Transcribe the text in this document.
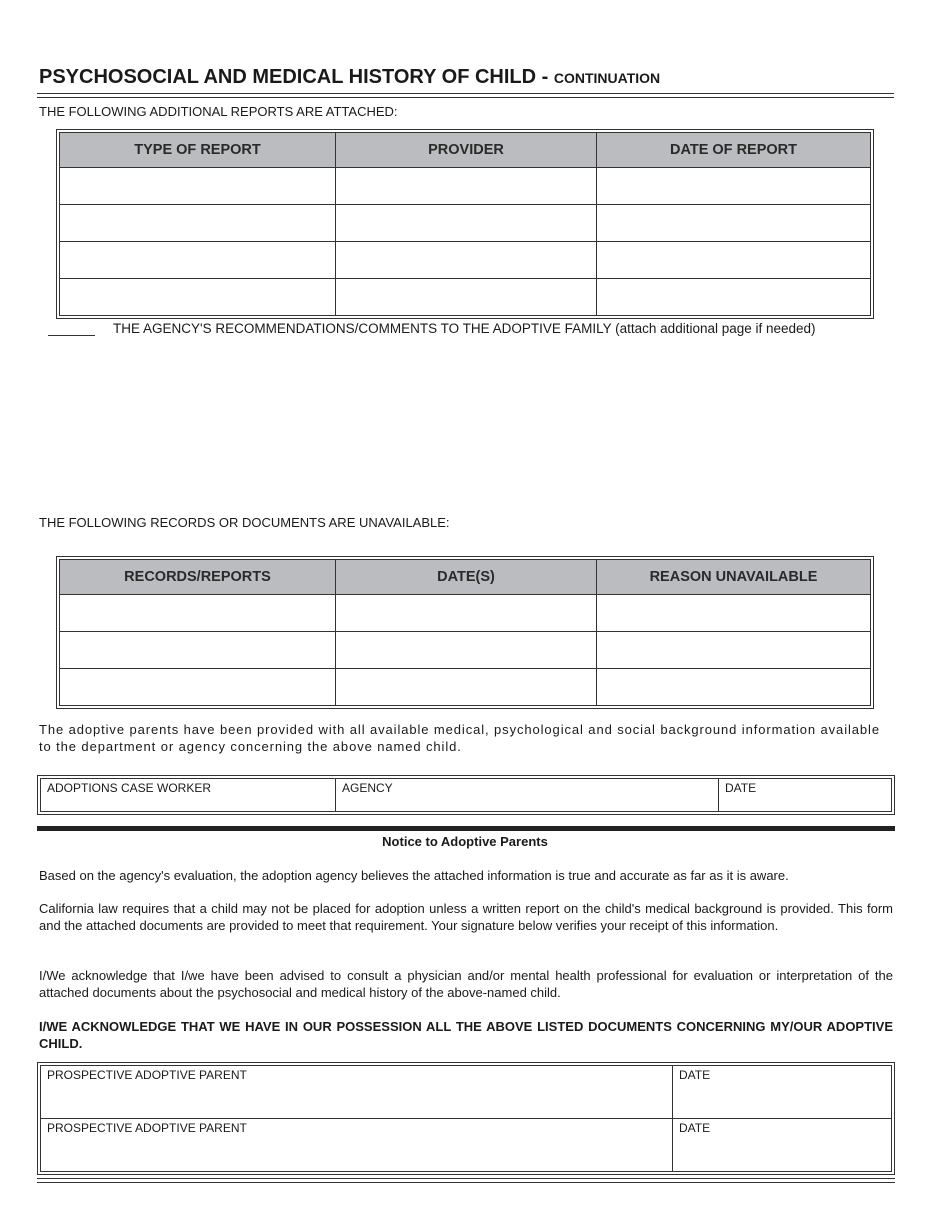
PSYCHOSOCIAL AND MEDICAL HISTORY OF CHILD - CONTINUATION
THE FOLLOWING ADDITIONAL REPORTS ARE ATTACHED:
TYPE OF REPORT	PROVIDER	DATE OF REPORT

THE AGENCY'S RECOMMENDATIONS/COMMENTS TO THE ADOPTIVE FAMILY (attach additional page if needed)
THE FOLLOWING RECORDS OR DOCUMENTS ARE UNAVAILABLE:
RECORDS/REPORTS	DATE(S)	REASON UNAVAILABLE

The adoptive parents have been provided with all available medical, psychological and social background information available to the department or agency concerning the above named child.
ADOPTIONS CASE WORKER	AGENCY	DATE
Notice to Adoptive Parents
Based on the agency's evaluation, the adoption agency believes the attached information is true and accurate as far as it is aware.
California law requires that a child may not be placed for adoption unless a written report on the child's medical background is provided. This form and the attached documents are provided to meet that requirement. Your signature below verifies your receipt of this information.
I/We acknowledge that I/we have been advised to consult a physician and/or mental health professional for evaluation or interpretation of the attached documents about the psychosocial and medical history of the above-named child.
I/WE ACKNOWLEDGE THAT WE HAVE IN OUR POSSESSION ALL THE ABOVE LISTED DOCUMENTS CONCERNING MY/OUR ADOPTIVE CHILD.
PROSPECTIVE ADOPTIVE PARENT	DATE
PROSPECTIVE ADOPTIVE PARENT	DATE
